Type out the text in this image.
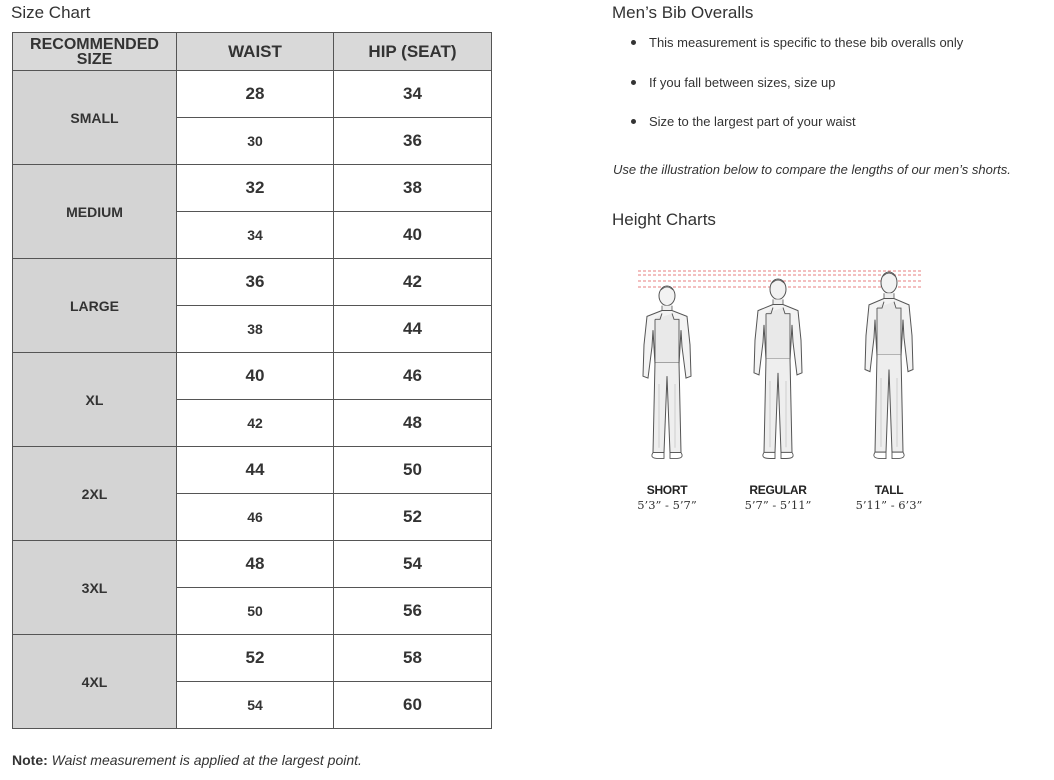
Size Chart
RECOMMENDED SIZE	WAIST	HIP (SEAT)
SMALL	28	34
	30	36
MEDIUM	32	38
	34	40
LARGE	36	42
	38	44
XL	40	46
	42	48
2XL	44	50
	46	52
3XL	48	54
	50	56
4XL	52	58
	54	60
Note: Waist measurement is applied at the largest point.
Men’s Bib Overalls
This measurement is specific to these bib overalls only
If you fall between sizes, size up
Size to the largest part of your waist
Use the illustration below to compare the lengths of our men’s shorts.
Height Charts
SHORT
5’3” - 5’7”
REGULAR
5’7” - 5’11”
TALL
5’11” - 6’3”
